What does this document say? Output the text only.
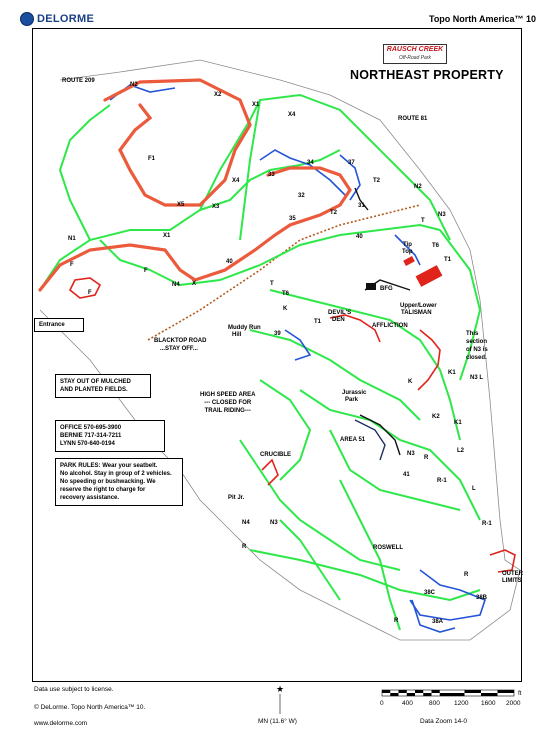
DELORME	Topo North America™ 10
★
RAUSCH CREEK
Off-Road Park
NORTHEAST PROPERTY
ROUTE 209
ROUTE 81
BLACKTOP ROAD
...STAY OFF...
N2
X2
X1
X4
F1
X4
X5	X3
X1
N1
F
F
F
N4 X
40
34	37
33
32
T2
31
N2
35
T2
40
T
N3
Tip
Top
T6
T1
T
T6
BFG
Upper/Lower
TALISMAN
DEVIL'S
DEN
K
T1
Muddy Run
Hill	39
AFFLICTION
K1
N3 L
K
Jurassic
Park
K2
K1
CRUCIBLE
AREA 51
N3
R
41
L2
R-1
L
Pit Jr.
N4	N3	R-1
R	ROSWELL
R	OUTER
LIMITS
38C
38B
38A
R
Entrance
STAY OUT OF MULCHED
AND PLANTED FIELDS.
HIGH SPEED AREA
--- CLOSED FOR
TRAIL RIDING---
This
section
of N3 is
closed.
OFFICE 570-695-3900
BERNIE 717-314-7211
LYNN 570-640-0194
PARK RULES: Wear your seatbelt.
No alcohol. Stay in group of 2 vehicles.
No speeding or bushwacking. We
reserve the right to charge for
recovery assistance.
Data use subject to license.
© DeLorme. Topo North America™ 10.
www.delorme.com	MN (11.6° W)
ft
0	400 800 1200 1600 2000
Data Zoom 14-0
